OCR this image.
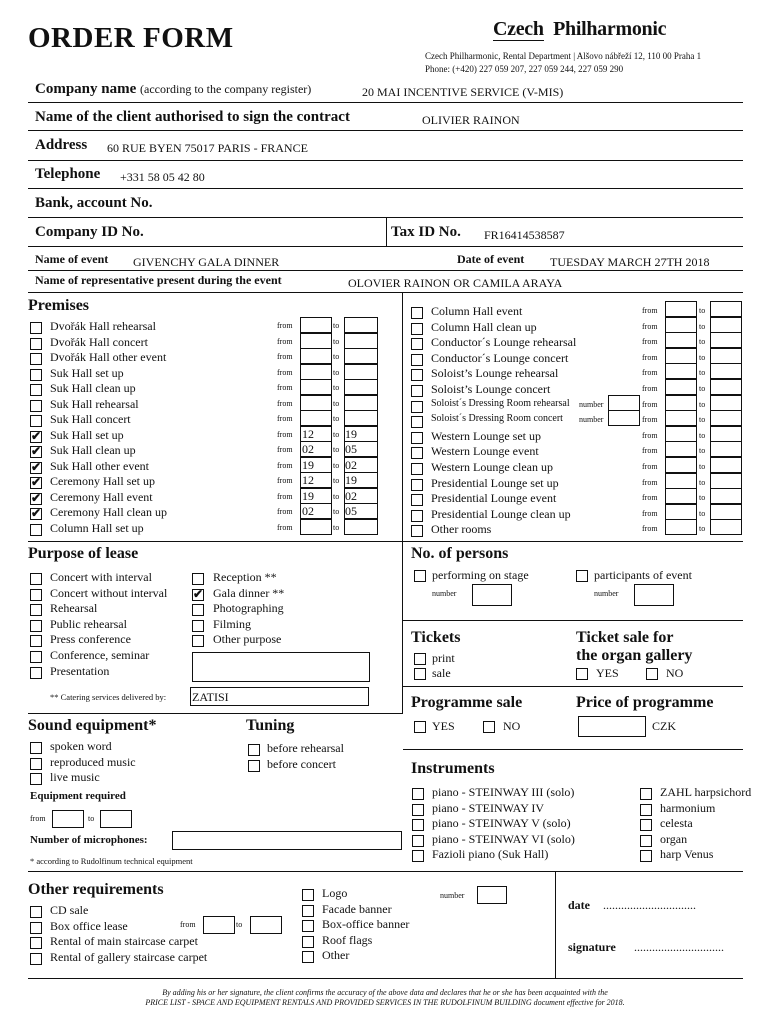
ORDER FORM	Czech Philharmonic
Czech Philharmonic, Rental Department | Alšovo nábřeží 12, 110 00 Praha 1
Phone: (+420) 227 059 207, 227 059 244, 227 059 290
Company name (according to the company register)	20 MAI INCENTIVE SERVICE (V-MIS)
Name of the client authorised to sign the contract	OLIVIER RAINON
Address 60 RUE BYEN 75017 PARIS - FRANCE
Telephone +331 58 05 42 80
Bank, account No.
Company ID No.	Tax ID No. FR16414538587
Name of event GIVENCHY GALA DINNER	Date of event TUESDAY MARCH 27TH 2018
Name of representative present during the event	OLOVIER RAINON OR CAMILA ARAYA
Premises
Dvořák Hall rehearsal	from	to
Dvořák Hall concert	from	to
Dvořák Hall other event	from	to
Suk Hall set up	from	to
Suk Hall clean up	from	to
Suk Hall rehearsal	from	to
Suk Hall concert	from	to
✔
Suk Hall set up	from 12 to 19
✔
Suk Hall clean up	from 02 to 05
✔
Suk Hall other event	from 19 to 02
✔
Ceremony Hall set up	from 12 to 19
✔
Ceremony Hall event	from 19 to 02
✔
Ceremony Hall clean up	from 02 to 05
Column Hall set up	from	to
Column Hall event	from	to
Column Hall clean up	from	to
Conductor´s Lounge rehearsal	from	to
Conductor´s Lounge concert	from	to
Soloist’s Lounge rehearsal	from	to
Soloist’s Lounge concert	from	to
Soloist´s Dressing Room rehearsal number	from	to
Soloist´s Dressing Room concert number	from	to
Western Lounge set up	from	to
Western Lounge event	from	to
Western Lounge clean up	from	to
Presidential Lounge set up	from	to
Presidential Lounge event	from	to
Presidential Lounge clean up	from	to
Other rooms	from	to
Purpose of lease
Concert with interval
Concert without interval
Rehearsal
Public rehearsal
Press conference
Conference, seminar
Presentation
Reception **
✔
Gala dinner **
Photographing
Filming
Other purpose
** Catering services delivered by: ZATISI
No. of persons
performing on stage	participants of event
number	number
Tickets
print
sale
Ticket sale for
the organ gallery
YES	NO
Programme sale
YES	NO
Price of programme
CZK
Sound equipment*
spoken word
reproduced music
live music
Equipment required
from	to
Number of microphones:
* according to Rudolfinum technical equipment
Tuning
before rehearsal
before concert	Instruments
piano - STEINWAY III (solo)
piano - STEINWAY IV
piano - STEINWAY V (solo)
piano - STEINWAY VI (solo)
Fazioli piano (Suk Hall)
ZAHL harpsichord
harmonium
celesta
organ
harp Venus
Other requirements
CD sale
Box office lease
Rental of main staircase carpet
Rental of gallery staircase carpet
Logo
Facade banner
Box-office banner
Roof flags
Other
from	to
number
date ...............................
signature ..............................
By adding his or her signature, the client confirms the accuracy of the above data and declares that he or she has been acquainted with the
PRICE LIST - SPACE AND EQUIPMENT RENTALS AND PROVIDED SERVICES IN THE RUDOLFINUM BUILDING document effective for 2018.
